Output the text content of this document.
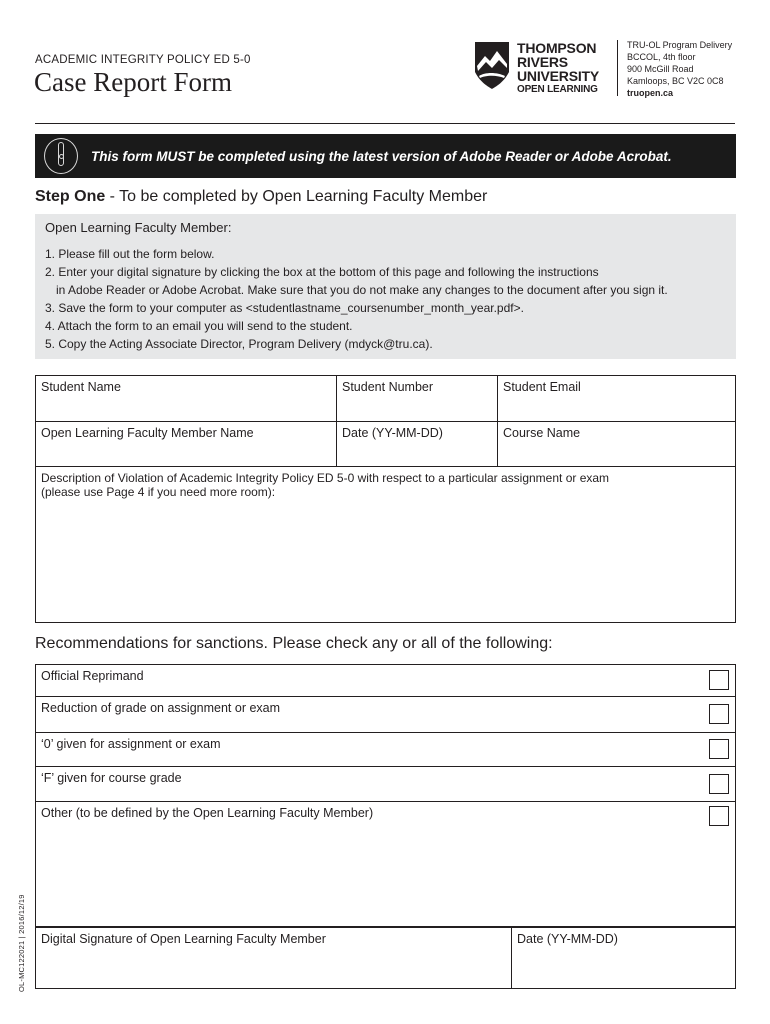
ACADEMIC INTEGRITY POLICY ED 5-0
Case Report Form
THOMPSON
RIVERS
UNIVERSITY
OPEN LEARNING
TRU-OL Program Delivery
BCCOL, 4th floor
900 McGill Road
Kamloops, BC V2C 0C8
truopen.ca
This form MUST be completed using the latest version of Adobe Reader or Adobe Acrobat.
Step One - To be completed by Open Learning Faculty Member
Open Learning Faculty Member:
1. Please fill out the form below.
2. Enter your digital signature by clicking the box at the bottom of this page and following the instructions
in Adobe Reader or Adobe Acrobat. Make sure that you do not make any changes to the document after you sign it.
3. Save the form to your computer as <studentlastname_coursenumber_month_year.pdf>.
4. Attach the form to an email you will send to the student.
5. Copy the Acting Associate Director, Program Delivery (mdyck@tru.ca).
Student Name	Student Number	Student Email
Open Learning Faculty Member Name	Date (YY-MM-DD)	Course Name
Description of Violation of Academic Integrity Policy ED 5-0 with respect to a particular assignment or exam
(please use Page 4 if you need more room):
Recommendations for sanctions. Please check any or all of the following:
Official Reprimand
Reduction of grade on assignment or exam
‘0’ given for assignment or exam
‘F’ given for course grade
Other (to be defined by the Open Learning Faculty Member)
Digital Signature of Open Learning Faculty Member	Date (YY-MM-DD)
OL-MC122021 | 2016/12/19
